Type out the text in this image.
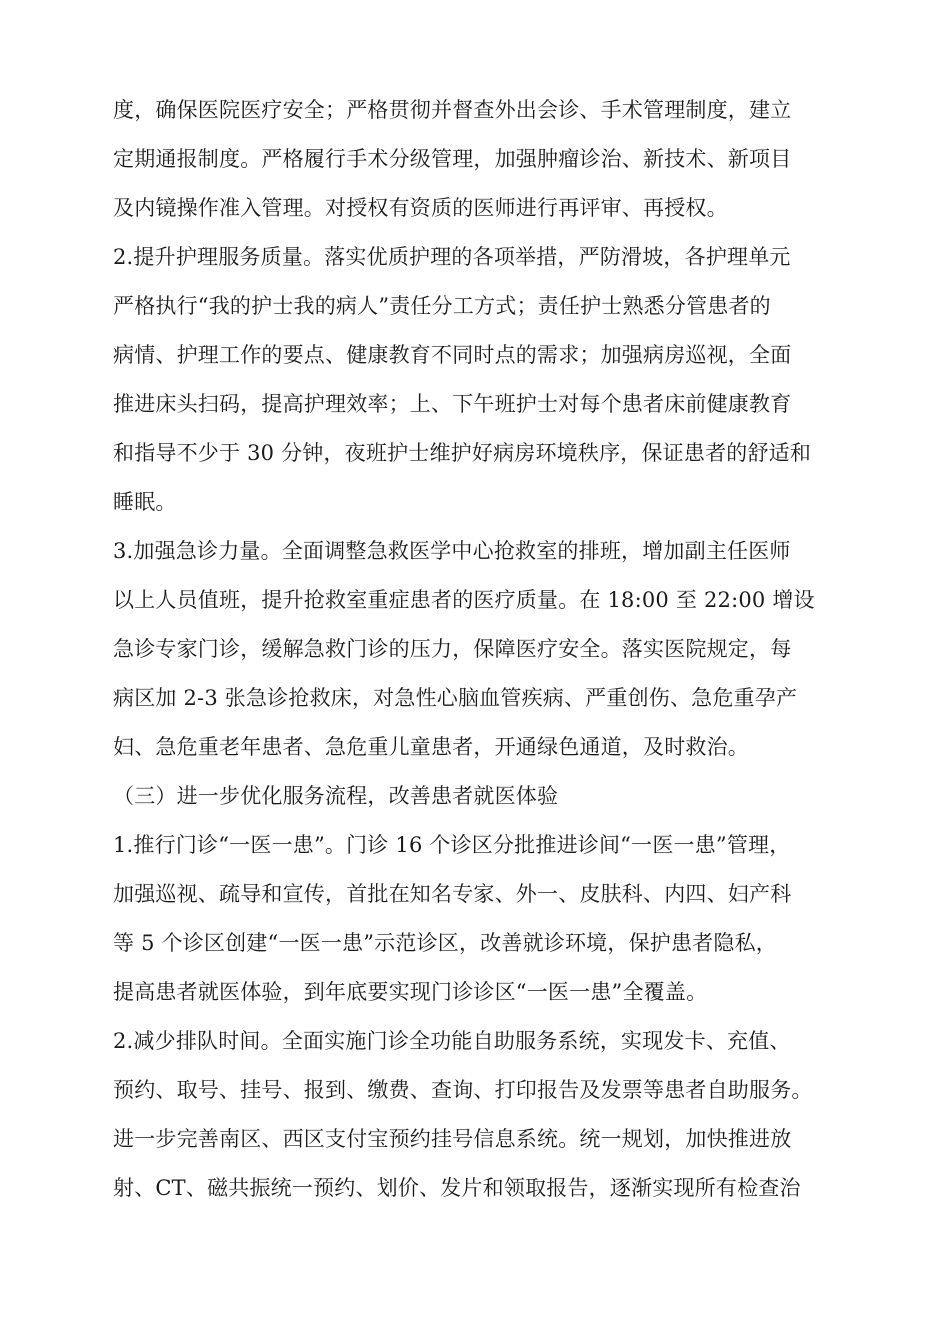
度，确保医院医疗安全；严格贯彻并督查外出会诊、手术管理制度，建立
定期通报制度。严格履行手术分级管理，加强肿瘤诊治、新技术、新项目
及内镜操作准入管理。对授权有资质的医师进行再评审、再授权。
2.提升护理服务质量。落实优质护理的各项举措，严防滑坡，各护理单元
严格执行“我的护士我的病人”责任分工方式；责任护士熟悉分管患者的
病情、护理工作的要点、健康教育不同时点的需求；加强病房巡视，全面
推进床头扫码，提高护理效率；上、下午班护士对每个患者床前健康教育
和指导不少于 30 分钟，夜班护士维护好病房环境秩序，保证患者的舒适和
睡眠。
3.加强急诊力量。全面调整急救医学中心抢救室的排班，增加副主任医师
以上人员值班，提升抢救室重症患者的医疗质量。在 18:00 至 22:00 增设
急诊专家门诊，缓解急救门诊的压力，保障医疗安全。落实医院规定，每
病区加 2-3 张急诊抢救床，对急性心脑血管疾病、严重创伤、急危重孕产
妇、急危重老年患者、急危重儿童患者，开通绿色通道，及时救治。
（三）进一步优化服务流程，改善患者就医体验
1.推行门诊“一医一患”。门诊 16 个诊区分批推进诊间“一医一患”管理，
加强巡视、疏导和宣传，首批在知名专家、外一、皮肤科、内四、妇产科
等 5 个诊区创建“一医一患”示范诊区，改善就诊环境，保护患者隐私，
提高患者就医体验，到年底要实现门诊诊区“一医一患”全覆盖。
2.减少排队时间。全面实施门诊全功能自助服务系统，实现发卡、充值、
预约、取号、挂号、报到、缴费、查询、打印报告及发票等患者自助服务。
进一步完善南区、西区支付宝预约挂号信息系统。统一规划，加快推进放
射、CT、磁共振统一预约、划价、发片和领取报告，逐渐实现所有检查治
